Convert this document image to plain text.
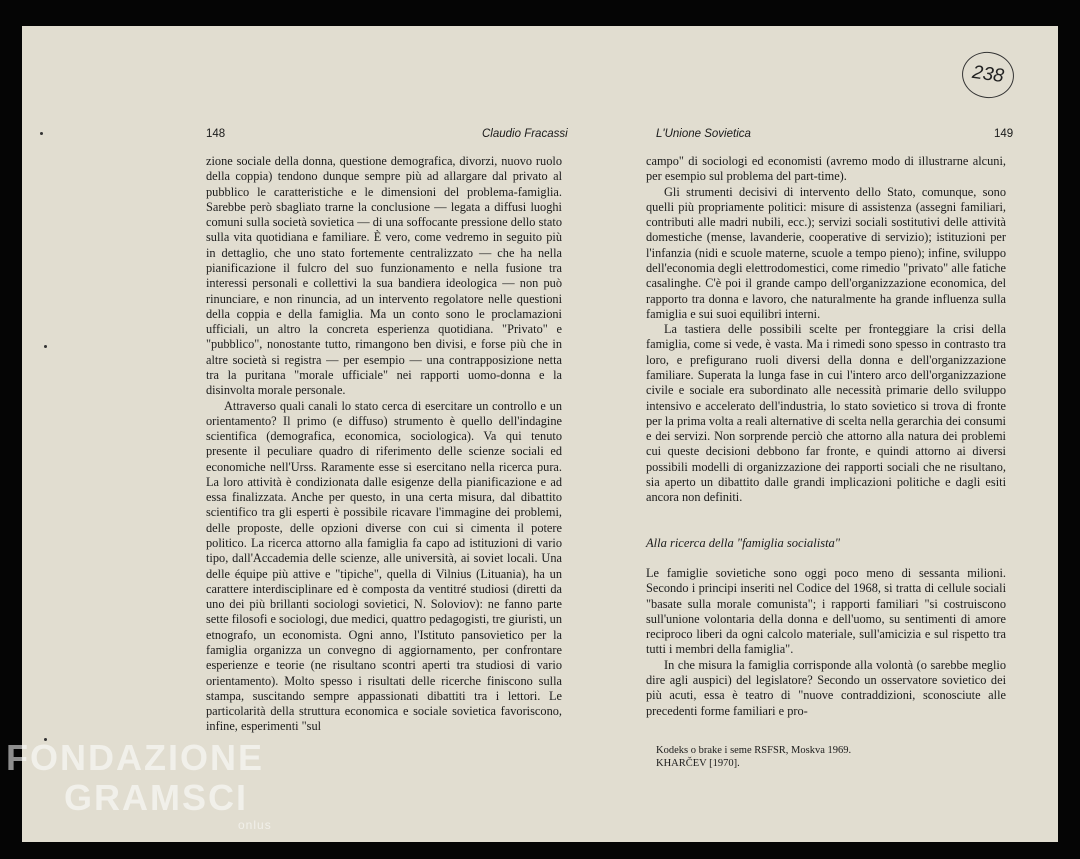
238
148	Claudio Fracassi	L'Unione Sovietica	149

zione sociale della donna, questione demografica, divorzi, nuovo ruolo della coppia) tendono dunque sempre più ad allargare dal privato al pubblico le caratteristiche e le dimensioni del problema-famiglia. Sarebbe però sbagliato trarne la conclusione — legata a diffusi luoghi comuni sulla società sovietica — di una soffocante pressione dello stato sulla vita quotidiana e familiare. È vero, come vedremo in seguito più in dettaglio, che uno stato fortemente centralizzato — che ha nella pianificazione il fulcro del suo funzionamento e nella fusione tra interessi personali e collettivi la sua bandiera ideologica — non può rinunciare, e non rinuncia, ad un intervento regolatore nelle questioni della coppia e della famiglia. Ma un conto sono le proclamazioni ufficiali, un altro la concreta esperienza quotidiana. "Privato" e "pubblico", nonostante tutto, rimangono ben divisi, e forse più che in altre società si registra — per esempio — una contrapposizione netta tra la puritana "morale ufficiale" nei rapporti uomo-donna e la disinvolta morale personale.

Attraverso quali canali lo stato cerca di esercitare un controllo e un orientamento? Il primo (e diffuso) strumento è quello dell'indagine scientifica (demografica, economica, sociologica). Va qui tenuto presente il peculiare quadro di riferimento delle scienze sociali ed economiche nell'Urss. Raramente esse si esercitano nella ricerca pura. La loro attività è condizionata dalle esigenze della pianificazione e ad essa finalizzata. Anche per questo, in una certa misura, dal dibattito scientifico tra gli esperti è possibile ricavare l'immagine dei problemi, delle proposte, delle opzioni diverse con cui si cimenta il potere politico. La ricerca attorno alla famiglia fa capo ad istituzioni di vario tipo, dall'Accademia delle scienze, alle università, ai soviet locali. Una delle équipe più attive e "tipiche", quella di Vilnius (Lituania), ha un carattere interdisciplinare ed è composta da ventitré studiosi (diretti da uno dei più brillanti sociologi sovietici, N. Soloviov): ne fanno parte sette filosofi e sociologi, due medici, quattro pedagogisti, tre giuristi, un etnografo, un economista. Ogni anno, l'Istituto pansovietico per la famiglia organizza un convegno di aggiornamento, per confrontare esperienze e teorie (ne risultano scontri aperti tra studiosi di vario orientamento). Molto spesso i risultati delle ricerche finiscono sulla stampa, suscitando sempre appassionati dibattiti tra i lettori. Le particolarità della struttura economica e sociale sovietica favoriscono, infine, esperimenti "sul

campo" di sociologi ed economisti (avremo modo di illustrarne alcuni, per esempio sul problema del part-time).

Gli strumenti decisivi di intervento dello Stato, comunque, sono quelli più propriamente politici: misure di assistenza (assegni familiari, contributi alle madri nubili, ecc.); servizi sociali sostitutivi delle attività domestiche (mense, lavanderie, cooperative di servizio); istituzioni per l'infanzia (nidi e scuole materne, scuole a tempo pieno); infine, sviluppo dell'economia degli elettrodomestici, come rimedio "privato" alle fatiche casalinghe. C'è poi il grande campo dell'organizzazione economica, del rapporto tra donna e lavoro, che naturalmente ha grande influenza sulla famiglia e sui suoi equilibri interni.

La tastiera delle possibili scelte per fronteggiare la crisi della famiglia, come si vede, è vasta. Ma i rimedi sono spesso in contrasto tra loro, e prefigurano ruoli diversi della donna e dell'organizzazione familiare. Superata la lunga fase in cui l'intero arco dell'organizzazione civile e sociale era subordinato alle necessità primarie dello sviluppo intensivo e accelerato dell'industria, lo stato sovietico si trova di fronte per la prima volta a reali alternative di scelta nella gerarchia dei consumi e dei servizi. Non sorprende perciò che attorno alla natura dei problemi cui queste decisioni debbono far fronte, e quindi attorno ai diversi possibili modelli di organizzazione dei rapporti sociali che ne risultano, sia aperto un dibattito dalle grandi implicazioni politiche e dagli esiti ancora non definiti.

Alla ricerca della "famiglia socialista"

Le famiglie sovietiche sono oggi poco meno di sessanta milioni. Secondo i principi inseriti nel Codice del 1968, si tratta di cellule sociali "basate sulla morale comunista"; i rapporti familiari "si costruiscono sull'unione volontaria della donna e dell'uomo, su sentimenti di amore reciproco liberi da ogni calcolo materiale, sull'amicizia e sul rispetto tra tutti i membri della famiglia".

In che misura la famiglia corrisponde alla volontà (o sarebbe meglio dire agli auspici) del legislatore? Secondo un osservatore sovietico dei più acuti, essa è teatro di "nuove contraddizioni, sconosciute alle precedenti forme familiari e pro-

Kodeks o brake i seme RSFSR, Moskva 1969.
KHARČEV [1970].
FONDAZIONE
GRAMSCI
onlus
